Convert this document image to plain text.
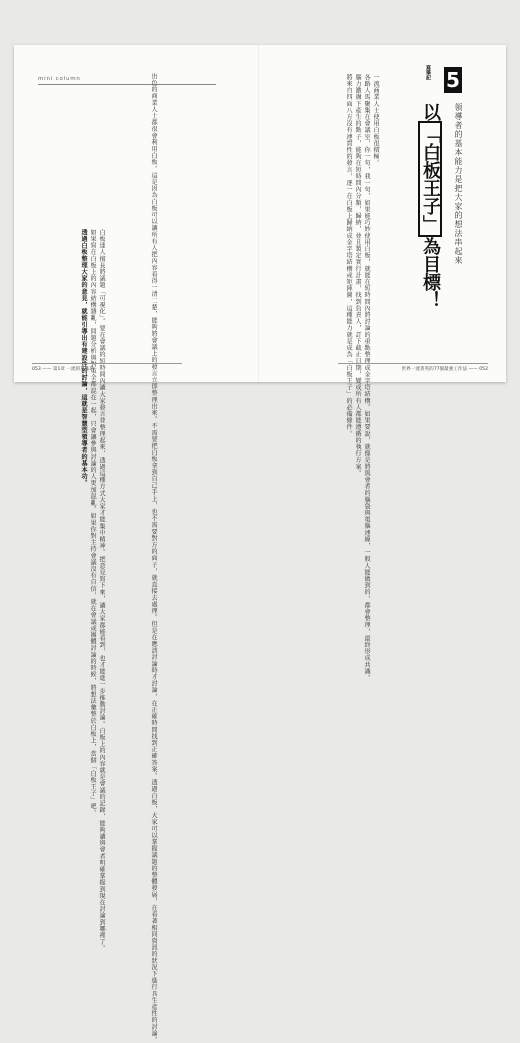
mini column	出色的商業人士都很會利用白板。這是因為白板可以讓所有人把內容看得一清二楚，能夠將會議上的發言立即整理出來。不需要把白板拿到自己手上，也不需要對方的面子，就直接去處理。但是在應該討論時才討論，在正確時間找到正確答案。透過白板，大家可以掌握議題的整體發展，在看著相同資訊的狀況下進行具生產性的討論。

白板達人擅長將議題「可視化」。要在會議的短時間內讓大家發言並整理起來，透過這種方式大家才能集中精神。把意見寫下來，讓大家都能看到，也才能進一步推動討論。白板上的內容就是會議的記錄，能夠讓與會者明確掌握到現在討論到哪裡了。

如果寫在白板上的內容結構雜亂，問題分析與對策全都混在一起，只會讓參與討論的人更加混亂。如果你對主持會議沒有自信，就在會議或團體討論的時候，將想法彙整於白板上，當個「白板王子」吧。

透過白板整理大家的意見，就能引導出有建設性的討論，這就是智慧型領導者的基本功。

053 —— 第1章 一流的基本功
寫筆記 5
以「白板王子」為目標！
領導者的基本能力是把大家的想法串起來

一流商業人士使用白板很積極。

各路人馬聚集在會議室，你一句，我一句，如果能巧妙使用白板，就能在短時間內將討論的重點整理成金字塔結構。如果要說，就像是將與會者的腦袋與電腦連線，一般人能做到的，都會整理，最終形成共識。

腦力激盪下產生的點子，能夠在短時間內分類，歸納，並且製定實行計畫，找到負責人，訂下截止日期，變成所有人都能遵循的執行方案。

將來自四面八方沒有連貫性的發言，逐一在白板上歸納成金字塔結構或矩陣圖，這種能力就是成為「白板王子」的必備條件。	世界一流菁英的77個最強工作法 —— 052
